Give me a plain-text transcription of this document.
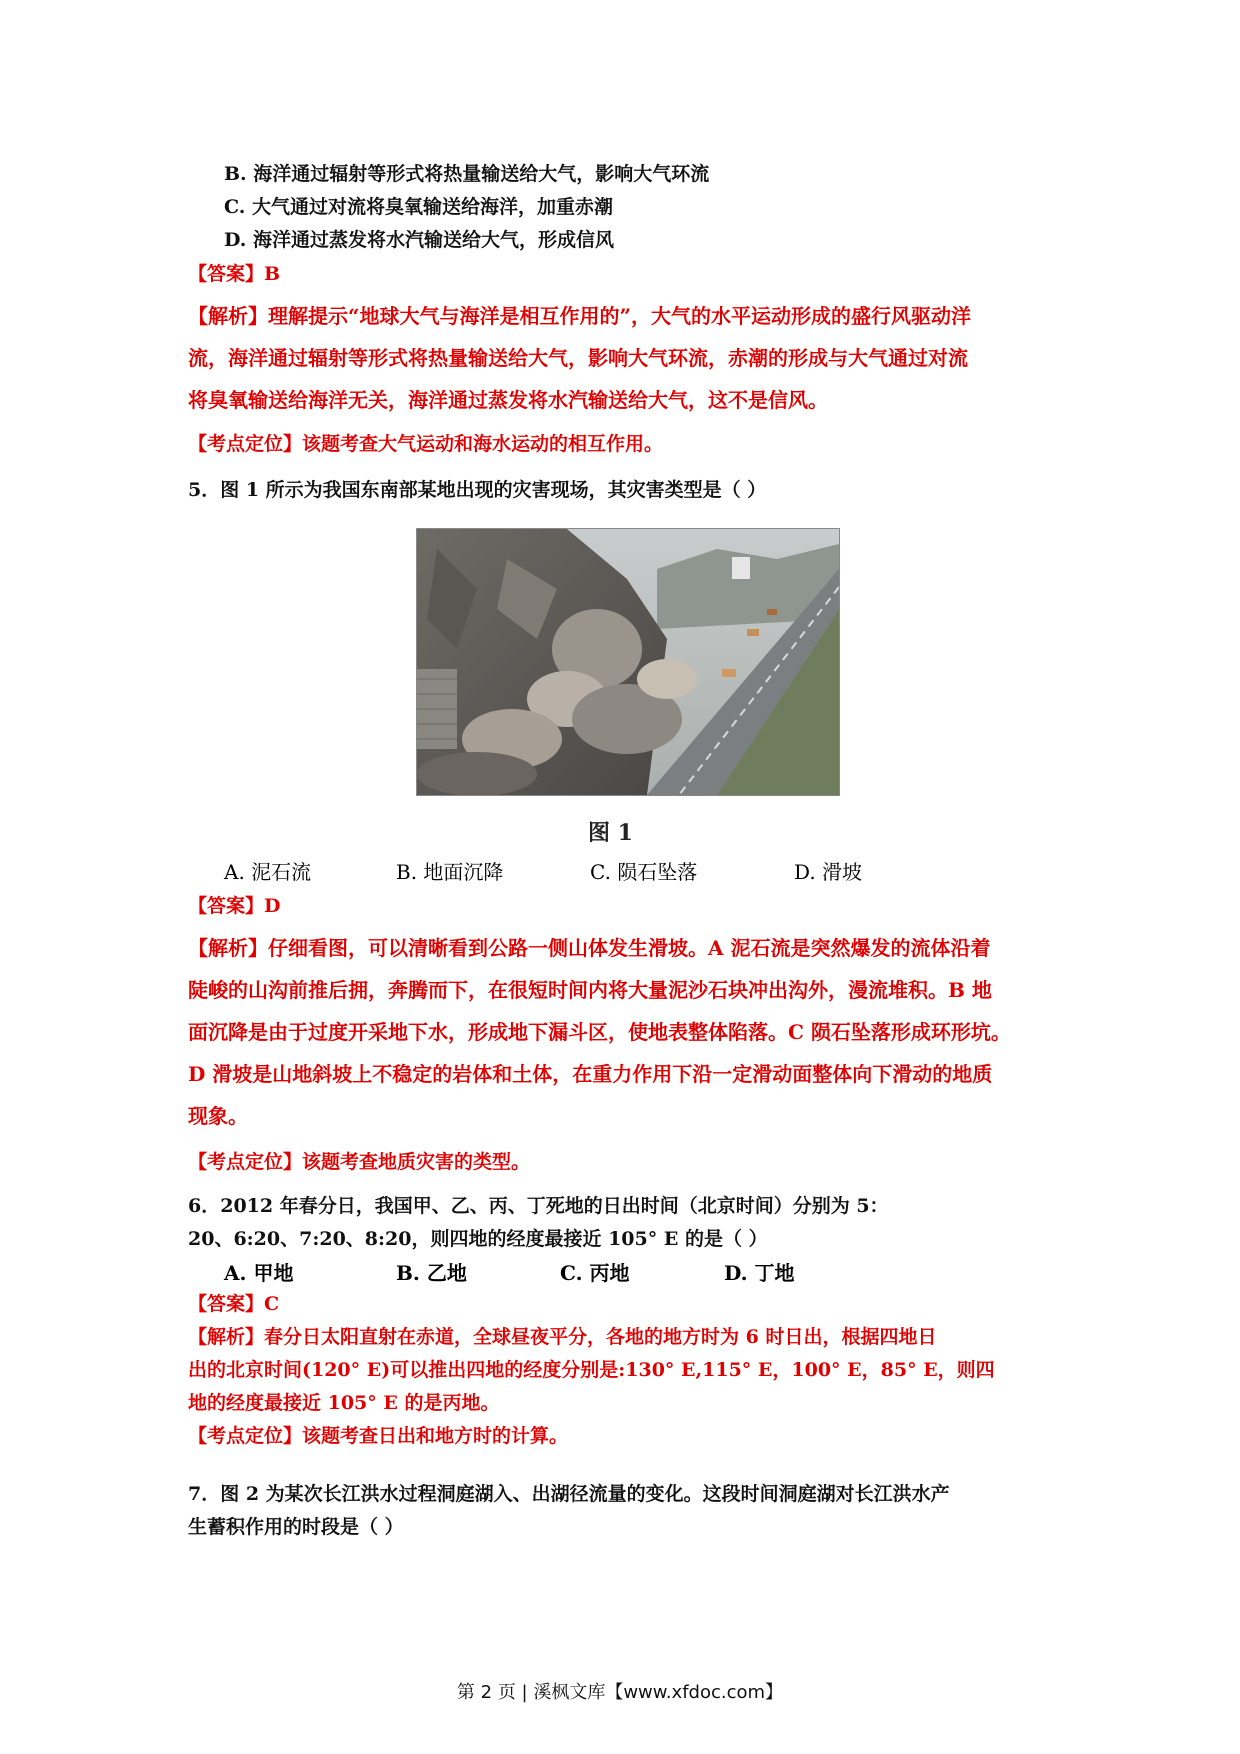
B. 海洋通过辐射等形式将热量输送给大气，影响大气环流
C. 大气通过对流将臭氧输送给海洋，加重赤潮
D. 海洋通过蒸发将水汽输送给大气，形成信风
【答案】B
【解析】理解提示“地球大气与海洋是相互作用的”，大气的水平运动形成的盛行风驱动洋
流，海洋通过辐射等形式将热量输送给大气，影响大气环流，赤潮的形成与大气通过对流
将臭氧输送给海洋无关，海洋通过蒸发将水汽输送给大气，这不是信风。
【考点定位】该题考查大气运动和海水运动的相互作用。
5．图 1 所示为我国东南部某地出现的灾害现场，其灾害类型是（ ）
图 1
A. 泥石流	B. 地面沉降	C. 陨石坠落	D. 滑坡
【答案】D
【解析】仔细看图，可以清晰看到公路一侧山体发生滑坡。A 泥石流是突然爆发的流体沿着
陡峻的山沟前推后拥，奔腾而下，在很短时间内将大量泥沙石块冲出沟外，漫流堆积。B 地
面沉降是由于过度开采地下水，形成地下漏斗区，使地表整体陷落。C 陨石坠落形成环形坑。
D 滑坡是山地斜坡上不稳定的岩体和土体，在重力作用下沿一定滑动面整体向下滑动的地质
现象。
【考点定位】该题考查地质灾害的类型。
6．2012 年春分日，我国甲、乙、丙、丁死地的日出时间（北京时间）分别为 5：
20、6:20、7:20、8:20，则四地的经度最接近 105° E 的是（ ）
A. 甲地	B. 乙地	C. 丙地	D. 丁地
【答案】C
【解析】春分日太阳直射在赤道，全球昼夜平分，各地的地方时为 6 时日出，根据四地日
出的北京时间(120° E)可以推出四地的经度分别是:130° E,115° E，100° E，85° E，则四
地的经度最接近 105° E 的是丙地。
【考点定位】该题考查日出和地方时的计算。
7．图 2 为某次长江洪水过程洞庭湖入、出湖径流量的变化。这段时间洞庭湖对长江洪水产
生蓄积作用的时段是（ ）
第 2 页 | 溪枫文库【www.xfdoc.com】
